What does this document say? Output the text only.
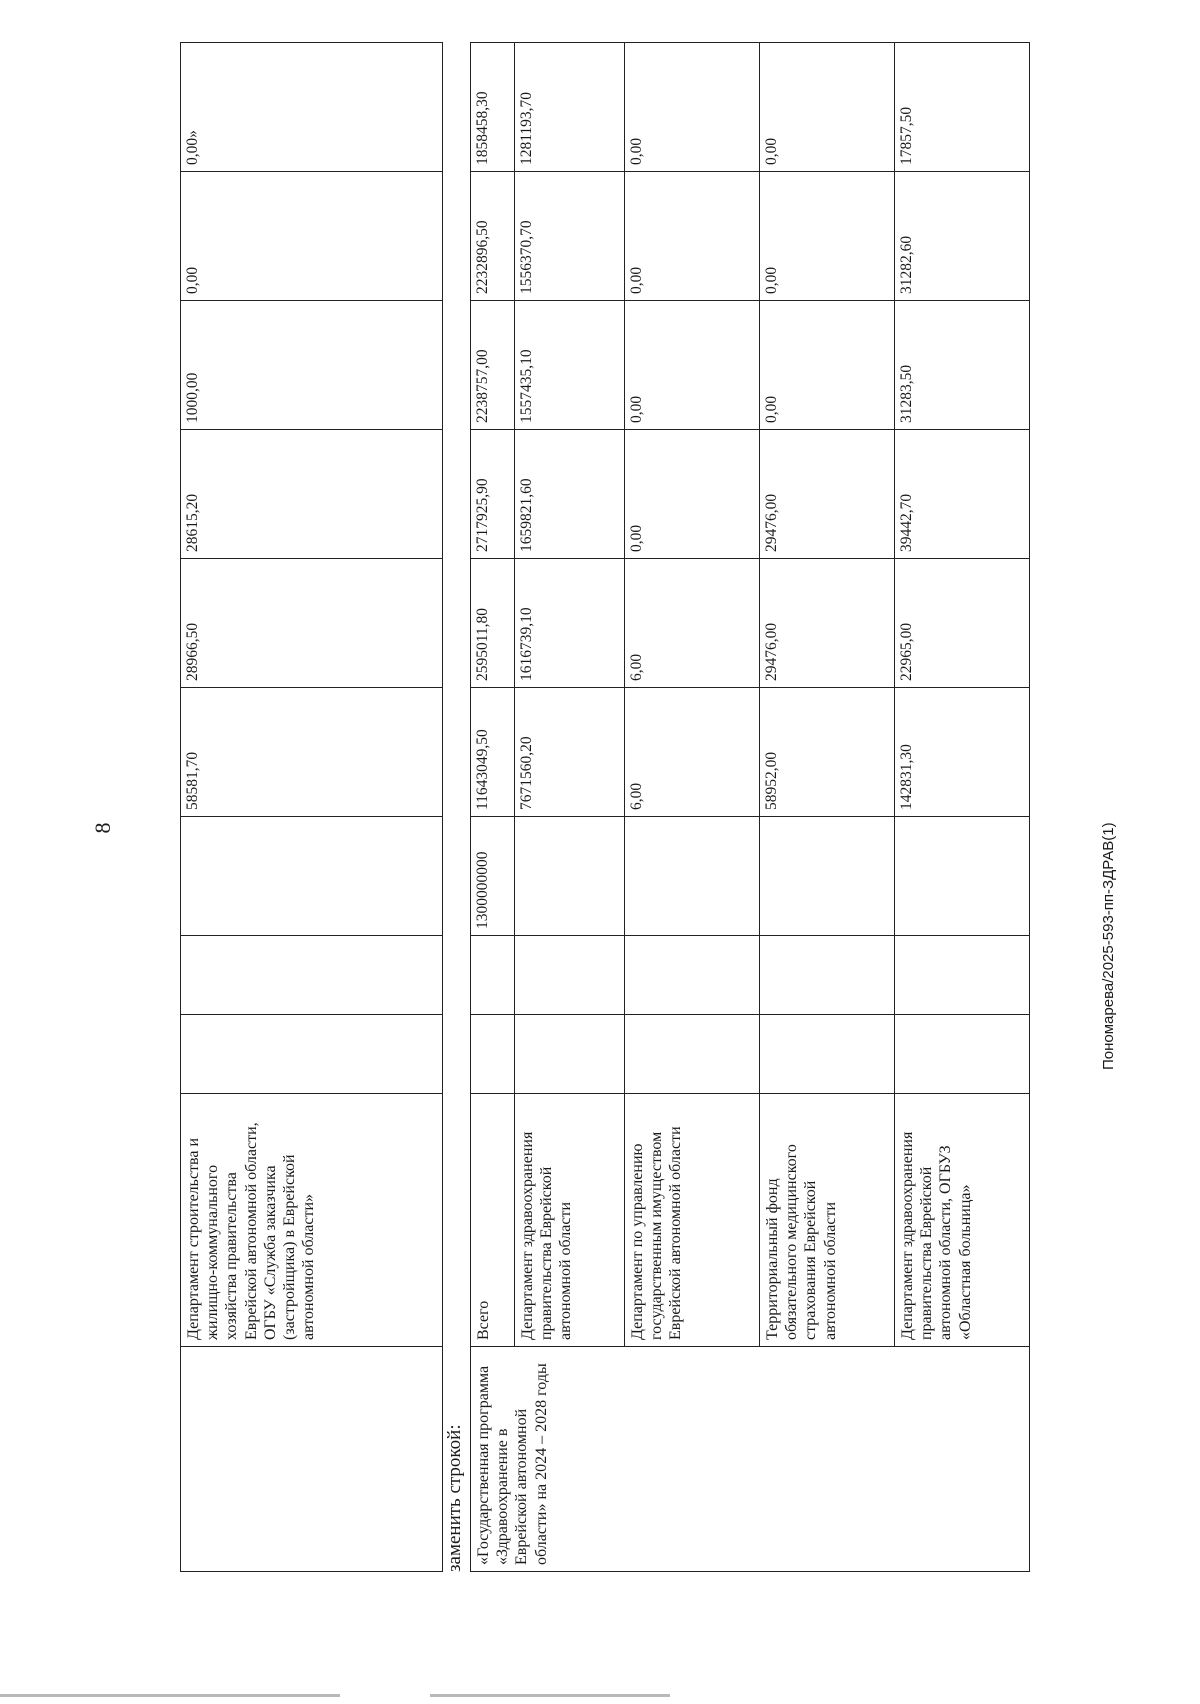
8	Пономарева/2025-593-пп-ЗДРАВ(1)
	Департамент строительства и жилищно-коммунального хозяйства правительства Еврейской автономной области, ОГБУ «Служба заказчика (застройщика) в Еврейской автономной области»				58581,70	28966,50	28615,20	1000,00	0,00	0,00»
заменить строкой: «Государственная программа «Здравоохранение в Еврейской автономной области» на 2024 – 2028 годы	Всего			1300000000	11643049,50	2595011,80	2717925,90	2238757,00	2232896,50	1858458,30
	Департамент здравоохранения правительства Еврейской автономной области				7671560,20	1616739,10	1659821,60	1557435,10	1556370,70	1281193,70
	Департамент по управлению государственным имуществом Еврейской автономной области				6,00	6,00	0,00	0,00	0,00	0,00
	Территориальный фонд обязательного медицинского страхования Еврейской автономной области				58952,00	29476,00	29476,00	0,00	0,00	0,00
	Департамент здравоохранения правительства Еврейской автономной области, ОГБУЗ «Областная больница»				142831,30	22965,00	39442,70	31283,50	31282,60	17857,50
